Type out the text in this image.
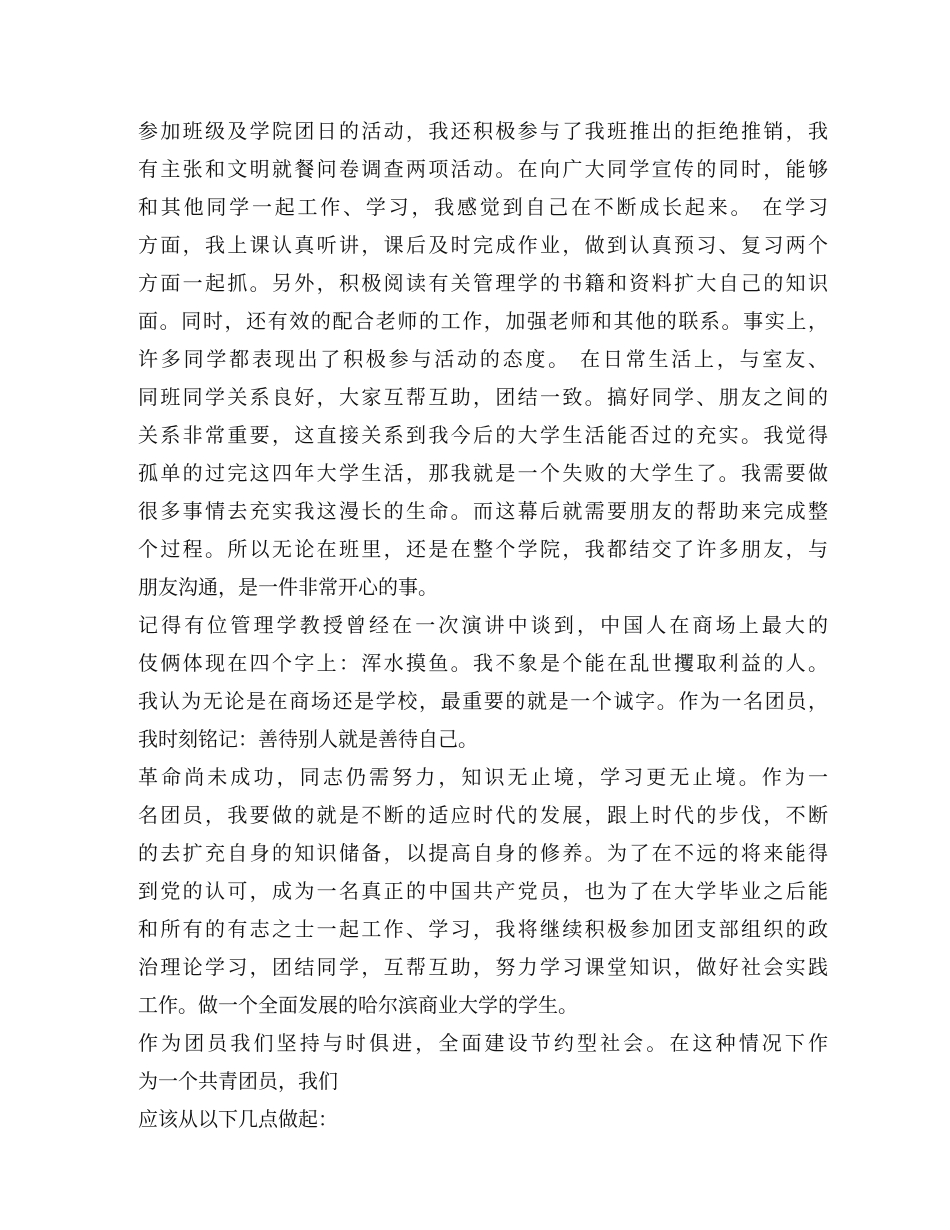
参加班级及学院团日的活动，我还积极参与了我班推出的拒绝推销，我
有主张和文明就餐问卷调查两项活动。在向广大同学宣传的同时，能够
和其他同学一起工作、学习，我感觉到自己在不断成长起来。 在学习
方面，我上课认真听讲，课后及时完成作业，做到认真预习、复习两个
方面一起抓。另外，积极阅读有关管理学的书籍和资料扩大自己的知识
面。同时，还有效的配合老师的工作，加强老师和其他的联系。事实上，
许多同学都表现出了积极参与活动的态度。 在日常生活上，与室友、
同班同学关系良好，大家互帮互助，团结一致。搞好同学、朋友之间的
关系非常重要，这直接关系到我今后的大学生活能否过的充实。我觉得
孤单的过完这四年大学生活，那我就是一个失败的大学生了。我需要做
很多事情去充实我这漫长的生命。而这幕后就需要朋友的帮助来完成整
个过程。所以无论在班里，还是在整个学院，我都结交了许多朋友，与
朋友沟通，是一件非常开心的事。
记得有位管理学教授曾经在一次演讲中谈到，中国人在商场上最大的
伎俩体现在四个字上：浑水摸鱼。我不象是个能在乱世攫取利益的人。
我认为无论是在商场还是学校，最重要的就是一个诚字。作为一名团员，
我时刻铭记：善待别人就是善待自己。
革命尚未成功，同志仍需努力，知识无止境，学习更无止境。作为一
名团员，我要做的就是不断的适应时代的发展，跟上时代的步伐，不断
的去扩充自身的知识储备，以提高自身的修养。为了在不远的将来能得
到党的认可，成为一名真正的中国共产党员，也为了在大学毕业之后能
和所有的有志之士一起工作、学习，我将继续积极参加团支部组织的政
治理论学习，团结同学，互帮互助，努力学习课堂知识，做好社会实践
工作。做一个全面发展的哈尔滨商业大学的学生。
作为团员我们坚持与时俱进，全面建设节约型社会。在这种情况下作
为一个共青团员，我们
应该从以下几点做起：
